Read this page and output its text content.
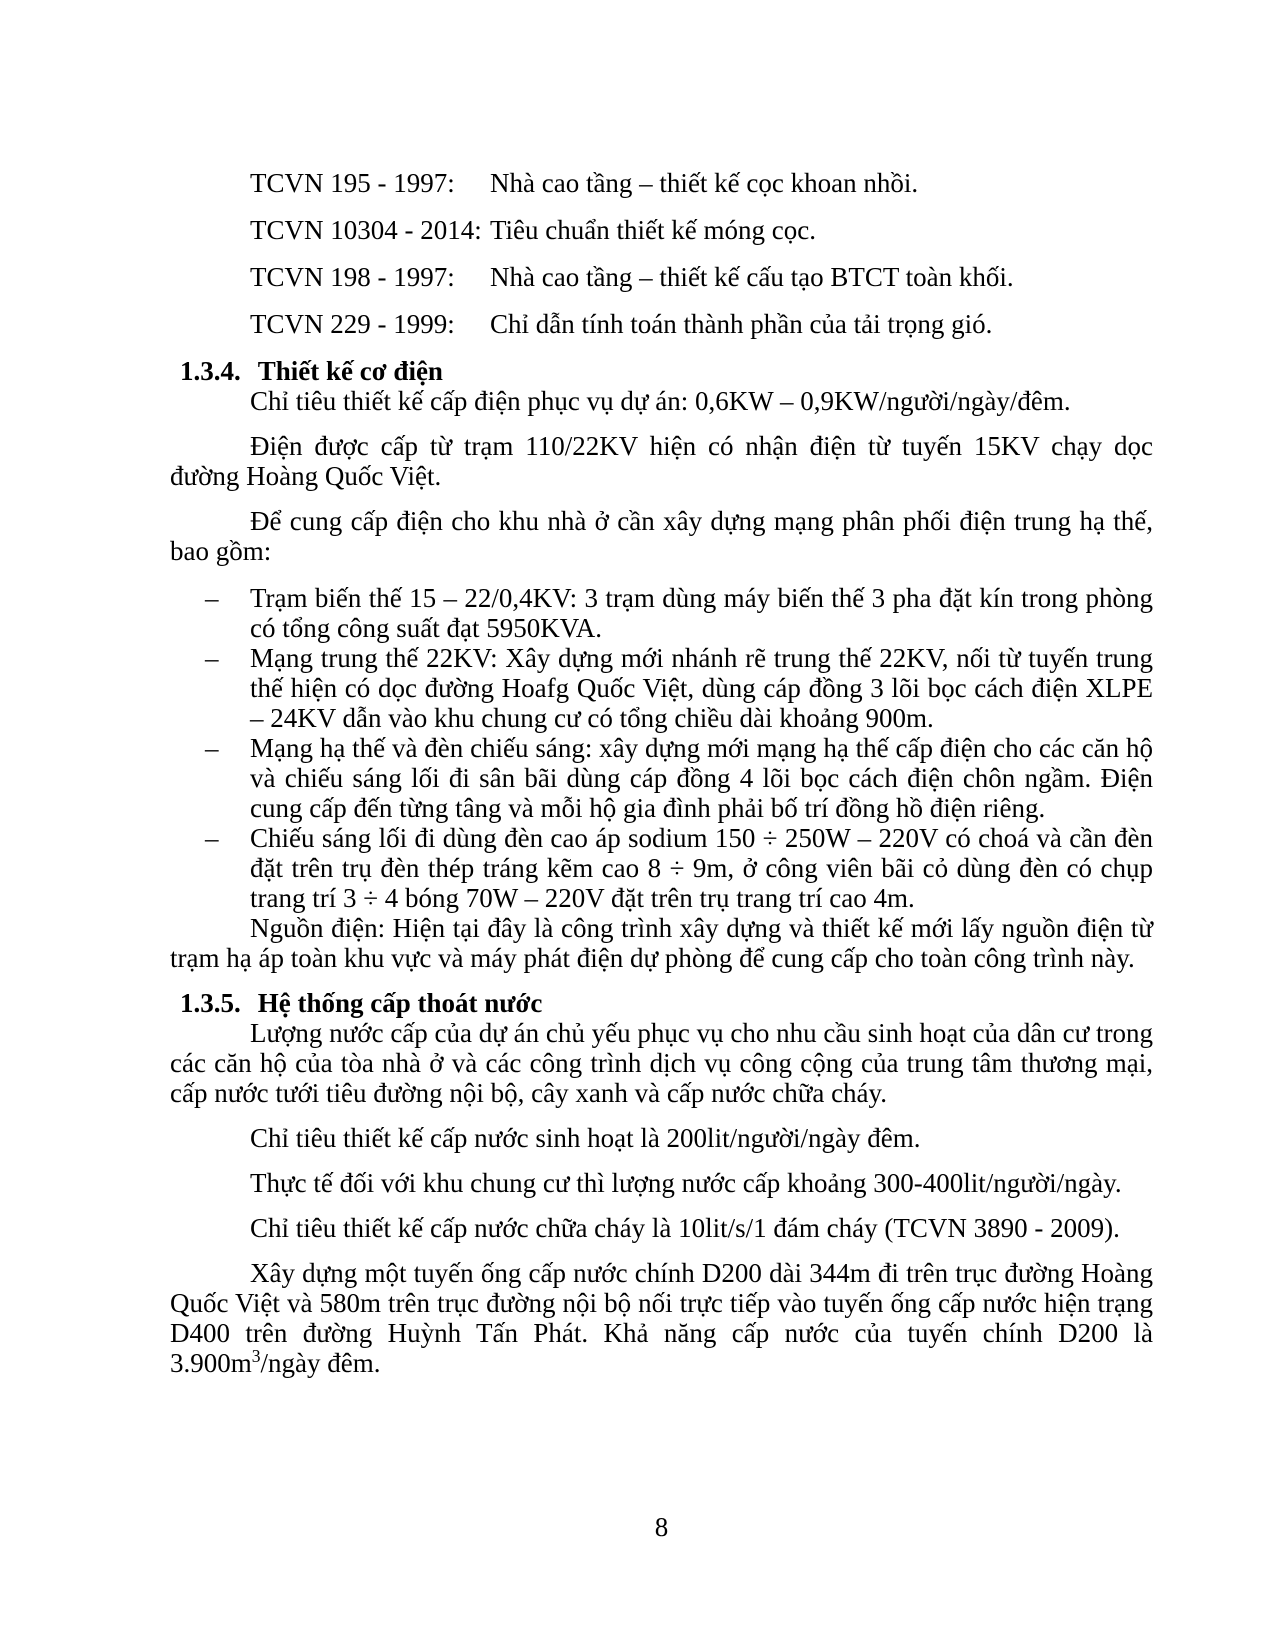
TCVN 195 - 1997:	Nhà cao tầng – thiết kế cọc khoan nhồi.
TCVN 10304 - 2014: Tiêu chuẩn thiết kế móng cọc.
TCVN 198 - 1997:	Nhà cao tầng – thiết kế cấu tạo BTCT toàn khối.
TCVN 229 - 1999:	Chỉ dẫn tính toán thành phần của tải trọng gió.
1.3.4. Thiết kế cơ điện

Chỉ tiêu thiết kế cấp điện phục vụ dự án: 0,6KW – 0,9KW/người/ngày/đêm.

Điện được cấp từ trạm 110/22KV hiện có nhận điện từ tuyến 15KV chạy dọc đường Hoàng Quốc Việt.

Để cung cấp điện cho khu nhà ở cần xây dựng mạng phân phối điện trung hạ thế, bao gồm:

– Trạm biến thế 15 – 22/0,4KV: 3 trạm dùng máy biến thế 3 pha đặt kín trong phòng có tổng công suất đạt 5950KVA.
– Mạng trung thế 22KV: Xây dựng mới nhánh rẽ trung thế 22KV, nối từ tuyến trung thế hiện có dọc đường Hoafg Quốc Việt, dùng cáp đồng 3 lõi bọc cách điện XLPE – 24KV dẫn vào khu chung cư có tổng chiều dài khoảng 900m.
– Mạng hạ thế và đèn chiếu sáng: xây dựng mới mạng hạ thế cấp điện cho các căn hộ và chiếu sáng lối đi sân bãi dùng cáp đồng 4 lõi bọc cách điện chôn ngầm. Điện cung cấp đến từng tâng và mỗi hộ gia đình phải bố trí đồng hồ điện riêng.
– Chiếu sáng lối đi dùng đèn cao áp sodium 150 ÷ 250W – 220V có choá và cần đèn đặt trên trụ đèn thép tráng kẽm cao 8 ÷ 9m, ở công viên bãi cỏ dùng đèn có chụp trang trí 3 ÷ 4 bóng 70W – 220V đặt trên trụ trang trí cao 4m.

Nguồn điện: Hiện tại đây là công trình xây dựng và thiết kế mới lấy nguồn điện từ trạm hạ áp toàn khu vực và máy phát điện dự phòng để cung cấp cho toàn công trình này.

1.3.5. Hệ thống cấp thoát nước

Lượng nước cấp của dự án chủ yếu phục vụ cho nhu cầu sinh hoạt của dân cư trong các căn hộ của tòa nhà ở và các công trình dịch vụ công cộng của trung tâm thương mại, cấp nước tưới tiêu đường nội bộ, cây xanh và cấp nước chữa cháy.

Chỉ tiêu thiết kế cấp nước sinh hoạt là 200lit/người/ngày đêm.

Thực tế đối với khu chung cư thì lượng nước cấp khoảng 300-400lit/người/ngày.

Chỉ tiêu thiết kế cấp nước chữa cháy là 10lit/s/1 đám cháy (TCVN 3890 - 2009).

Xây dựng một tuyến ống cấp nước chính D200 dài 344m đi trên trục đường Hoàng Quốc Việt và 580m trên trục đường nội bộ nối trực tiếp vào tuyến ống cấp nước hiện trạng D400 trên đường Huỳnh Tấn Phát. Khả năng cấp nước của tuyến chính D200 là $3.900m^3$/ngày đêm.

8
